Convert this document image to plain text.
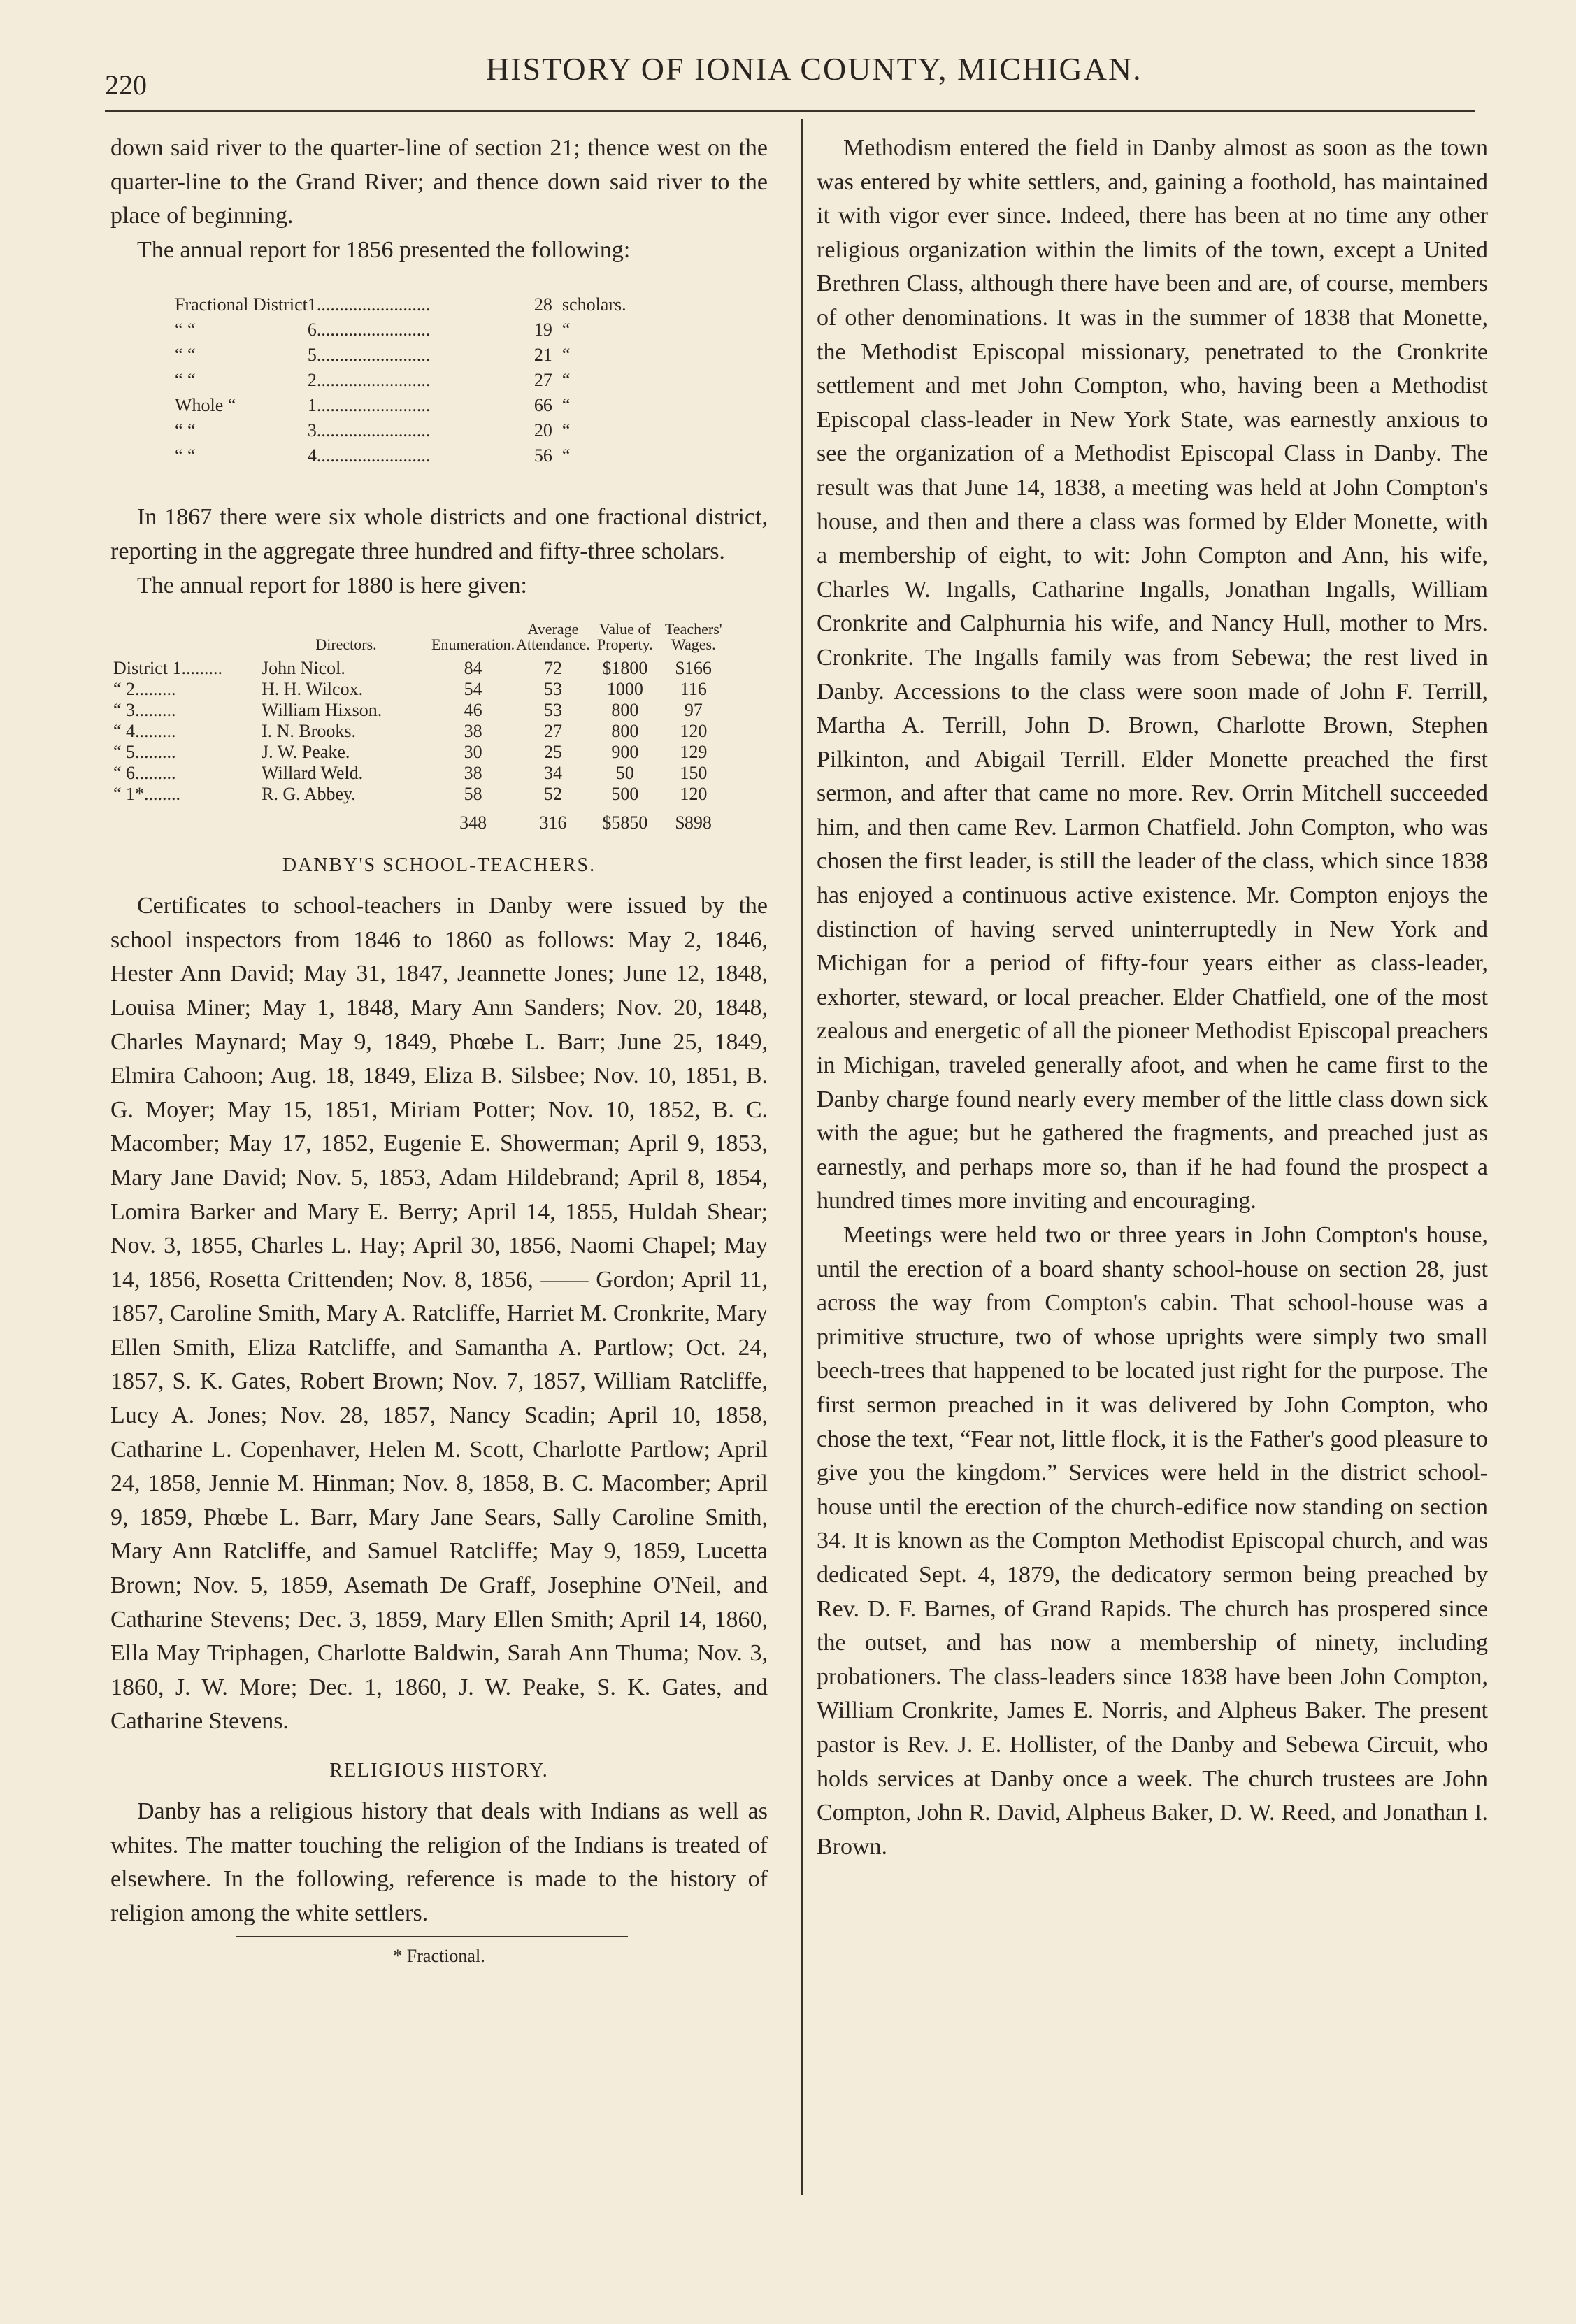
220	HISTORY OF IONIA COUNTY, MICHIGAN.

down said river to the quarter-line of section 21; thence west on the quarter-line to the Grand River; and thence down said river to the place of beginning.

The annual report for 1856 presented the following:

Fractional District	1.........................	28	scholars.
“ “	6.........................	19	“
“ “	5.........................	21	“
“ “	2.........................	27	“
Whole “	1.........................	66	“
“ “	3.........................	20	“
“ “	4.........................	56	“

In 1867 there were six whole districts and one fractional district, reporting in the aggregate three hundred and fifty-three scholars.

The annual report for 1880 is here given:

	Directors.	Enumeration.	Average Attendance.	Value of Property.	Teachers' Wages.
District 1.........	John Nicol.	84	72	$1800	$166
“ 2.........	H. H. Wilcox.	54	53	1000	116
“ 3.........	William Hixson.	46	53	800	97
“ 4.........	I. N. Brooks.	38	27	800	120
“ 5.........	J. W. Peake.	30	25	900	129
“ 6.........	Willard Weld.	38	34	50	150
“ 1*........	R. G. Abbey.	58	52	500	120
		348	316	$5850	$898
DANBY'S SCHOOL-TEACHERS.

Certificates to school-teachers in Danby were issued by the school inspectors from 1846 to 1860 as follows: May 2, 1846, Hester Ann David; May 31, 1847, Jeannette Jones; June 12, 1848, Louisa Miner; May 1, 1848, Mary Ann Sanders; Nov. 20, 1848, Charles Maynard; May 9, 1849, Phœbe L. Barr; June 25, 1849, Elmira Cahoon; Aug. 18, 1849, Eliza B. Silsbee; Nov. 10, 1851, B. G. Moyer; May 15, 1851, Miriam Potter; Nov. 10, 1852, B. C. Macomber; May 17, 1852, Eugenie E. Showerman; April 9, 1853, Mary Jane David; Nov. 5, 1853, Adam Hildebrand; April 8, 1854, Lomira Barker and Mary E. Berry; April 14, 1855, Huldah Shear; Nov. 3, 1855, Charles L. Hay; April 30, 1856, Naomi Chapel; May 14, 1856, Rosetta Crittenden; Nov. 8, 1856, —— Gordon; April 11, 1857, Caroline Smith, Mary A. Ratcliffe, Harriet M. Cronkrite, Mary Ellen Smith, Eliza Ratcliffe, and Samantha A. Partlow; Oct. 24, 1857, S. K. Gates, Robert Brown; Nov. 7, 1857, William Ratcliffe, Lucy A. Jones; Nov. 28, 1857, Nancy Scadin; April 10, 1858, Catharine L. Copenhaver, Helen M. Scott, Charlotte Partlow; April 24, 1858, Jennie M. Hinman; Nov. 8, 1858, B. C. Macomber; April 9, 1859, Phœbe L. Barr, Mary Jane Sears, Sally Caroline Smith, Mary Ann Ratcliffe, and Samuel Ratcliffe; May 9, 1859, Lucetta Brown; Nov. 5, 1859, Asemath De Graff, Josephine O'Neil, and Catharine Stevens; Dec. 3, 1859, Mary Ellen Smith; April 14, 1860, Ella May Triphagen, Charlotte Baldwin, Sarah Ann Thuma; Nov. 3, 1860, J. W. More; Dec. 1, 1860, J. W. Peake, S. K. Gates, and Catharine Stevens.

RELIGIOUS HISTORY.

Danby has a religious history that deals with Indians as well as whites. The matter touching the religion of the Indians is treated of elsewhere. In the following, reference is made to the history of religion among the white settlers.

* Fractional.

Methodism entered the field in Danby almost as soon as the town was entered by white settlers, and, gaining a foothold, has maintained it with vigor ever since. Indeed, there has been at no time any other religious organization within the limits of the town, except a United Brethren Class, although there have been and are, of course, members of other denominations. It was in the summer of 1838 that Monette, the Methodist Episcopal missionary, penetrated to the Cronkrite settlement and met John Compton, who, having been a Methodist Episcopal class-leader in New York State, was earnestly anxious to see the organization of a Methodist Episcopal Class in Danby. The result was that June 14, 1838, a meeting was held at John Compton's house, and then and there a class was formed by Elder Monette, with a membership of eight, to wit: John Compton and Ann, his wife, Charles W. Ingalls, Catharine Ingalls, Jonathan Ingalls, William Cronkrite and Calphurnia his wife, and Nancy Hull, mother to Mrs. Cronkrite. The Ingalls family was from Sebewa; the rest lived in Danby. Accessions to the class were soon made of John F. Terrill, Martha A. Terrill, John D. Brown, Charlotte Brown, Stephen Pilkinton, and Abigail Terrill. Elder Monette preached the first sermon, and after that came no more. Rev. Orrin Mitchell succeeded him, and then came Rev. Larmon Chatfield. John Compton, who was chosen the first leader, is still the leader of the class, which since 1838 has enjoyed a continuous active existence. Mr. Compton enjoys the distinction of having served uninterruptedly in New York and Michigan for a period of fifty-four years either as class-leader, exhorter, steward, or local preacher. Elder Chatfield, one of the most zealous and energetic of all the pioneer Methodist Episcopal preachers in Michigan, traveled generally afoot, and when he came first to the Danby charge found nearly every member of the little class down sick with the ague; but he gathered the fragments, and preached just as earnestly, and perhaps more so, than if he had found the prospect a hundred times more inviting and encouraging.

Meetings were held two or three years in John Compton's house, until the erection of a board shanty school-house on section 28, just across the way from Compton's cabin. That school-house was a primitive structure, two of whose uprights were simply two small beech-trees that happened to be located just right for the purpose. The first sermon preached in it was delivered by John Compton, who chose the text, “Fear not, little flock, it is the Father's good pleasure to give you the kingdom.” Services were held in the district school-house until the erection of the church-edifice now standing on section 34. It is known as the Compton Methodist Episcopal church, and was dedicated Sept. 4, 1879, the dedicatory sermon being preached by Rev. D. F. Barnes, of Grand Rapids. The church has prospered since the outset, and has now a membership of ninety, including probationers. The class-leaders since 1838 have been John Compton, William Cronkrite, James E. Norris, and Alpheus Baker. The present pastor is Rev. J. E. Hollister, of the Danby and Sebewa Circuit, who holds services at Danby once a week. The church trustees are John Compton, John R. David, Alpheus Baker, D. W. Reed, and Jonathan I. Brown.
